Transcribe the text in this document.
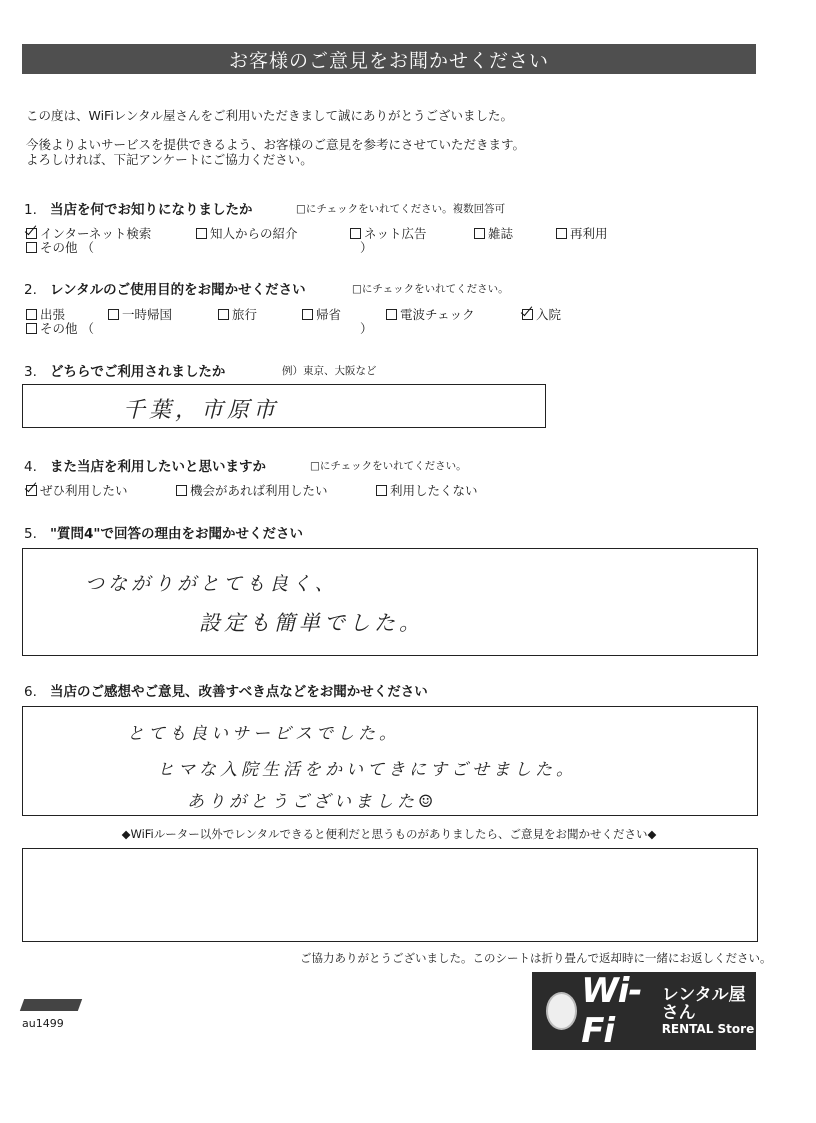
お客様のご意見をお聞かせください
この度は、WiFiレンタル屋さんをご利用いただきまして誠にありがとうございました。
今後よりよいサービスを提供できるよう、お客様のご意見を参考にさせていただきます。
よろしければ、下記アンケートにご協力ください。
1. 当店を何でお知りになりましたか	□にチェックをいれてください。複数回答可
インターネット検索	知人からの紹介	ネット広告	雑誌	再利用
その他 （	）
2. レンタルのご使用目的をお聞かせください	□にチェックをいれてください。
出張	一時帰国	旅行	帰省	電波チェック	入院
その他 （	）
3. どちらでご利用されましたか	例）東京、大阪など
千葉，市原市
4. また当店を利用したいと思いますか	□にチェックをいれてください。
ぜひ利用したい	機会があれば利用したい	利用したくない
5. "質問4"で回答の理由をお聞かせください
つながりがとても良く、
設定も簡単でした。
6. 当店のご感想やご意見、改善すべき点などをお聞かせください
とても良いサービスでした。
ヒマな入院生活をかいてきにすごせました。
ありがとうございました☺
◆WiFiルーター以外でレンタルできると便利だと思うものがありましたら、ご意見をお聞かせください◆
ご協力ありがとうございました。このシートは折り畳んで返却時に一緒にお返しください。
au1499
Wi-Fi
レンタル屋さん
RENTAL Store
